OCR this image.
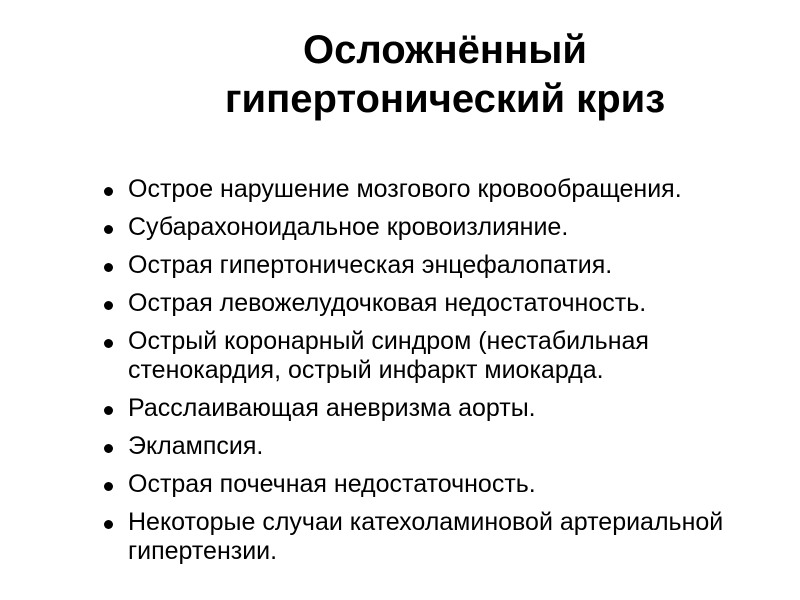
Осложнённый
гипертонический криз
Острое нарушение мозгового кровообращения.
Субарахоноидальное кровоизлияние.
Острая гипертоническая энцефалопатия.
Острая левожелудочковая недостаточность.
Острый коронарный синдром (нестабильная стенокардия, острый инфаркт миокарда.
Расслаивающая аневризма аорты.
Эклампсия.
Острая почечная недостаточность.
Некоторые случаи катехоламиновой артериальной гипертензии.
